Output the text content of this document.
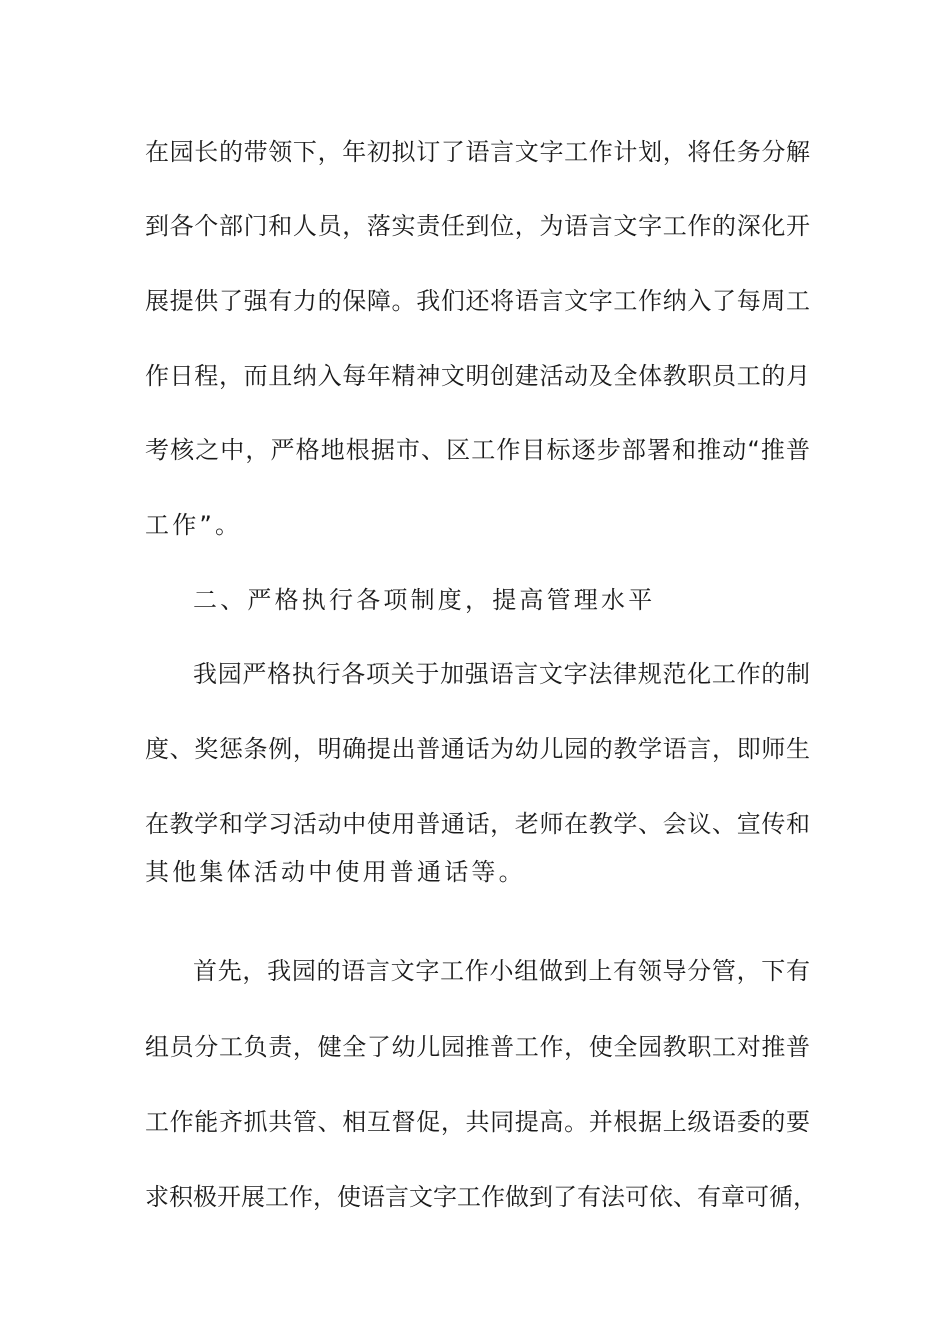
在园长的带领下，年初拟订了语言文字工作计划，将任务分解
到各个部门和人员，落实责任到位，为语言文字工作的深化开
展提供了强有力的保障。我们还将语言文字工作纳入了每周工
作日程，而且纳入每年精神文明创建活动及全体教职员工的月
考核之中，严格地根据市、区工作目标逐步部署和推动“推普
工作”。
二、严格执行各项制度，提高管理水平
我园严格执行各项关于加强语言文字法律规范化工作的制
度、奖惩条例，明确提出普通话为幼儿园的教学语言，即师生
在教学和学习活动中使用普通话，老师在教学、会议、宣传和
其他集体活动中使用普通话等。
首先，我园的语言文字工作小组做到上有领导分管，下有
组员分工负责，健全了幼儿园推普工作，使全园教职工对推普
工作能齐抓共管、相互督促，共同提高。并根据上级语委的要
求积极开展工作，使语言文字工作做到了有法可依、有章可循，
